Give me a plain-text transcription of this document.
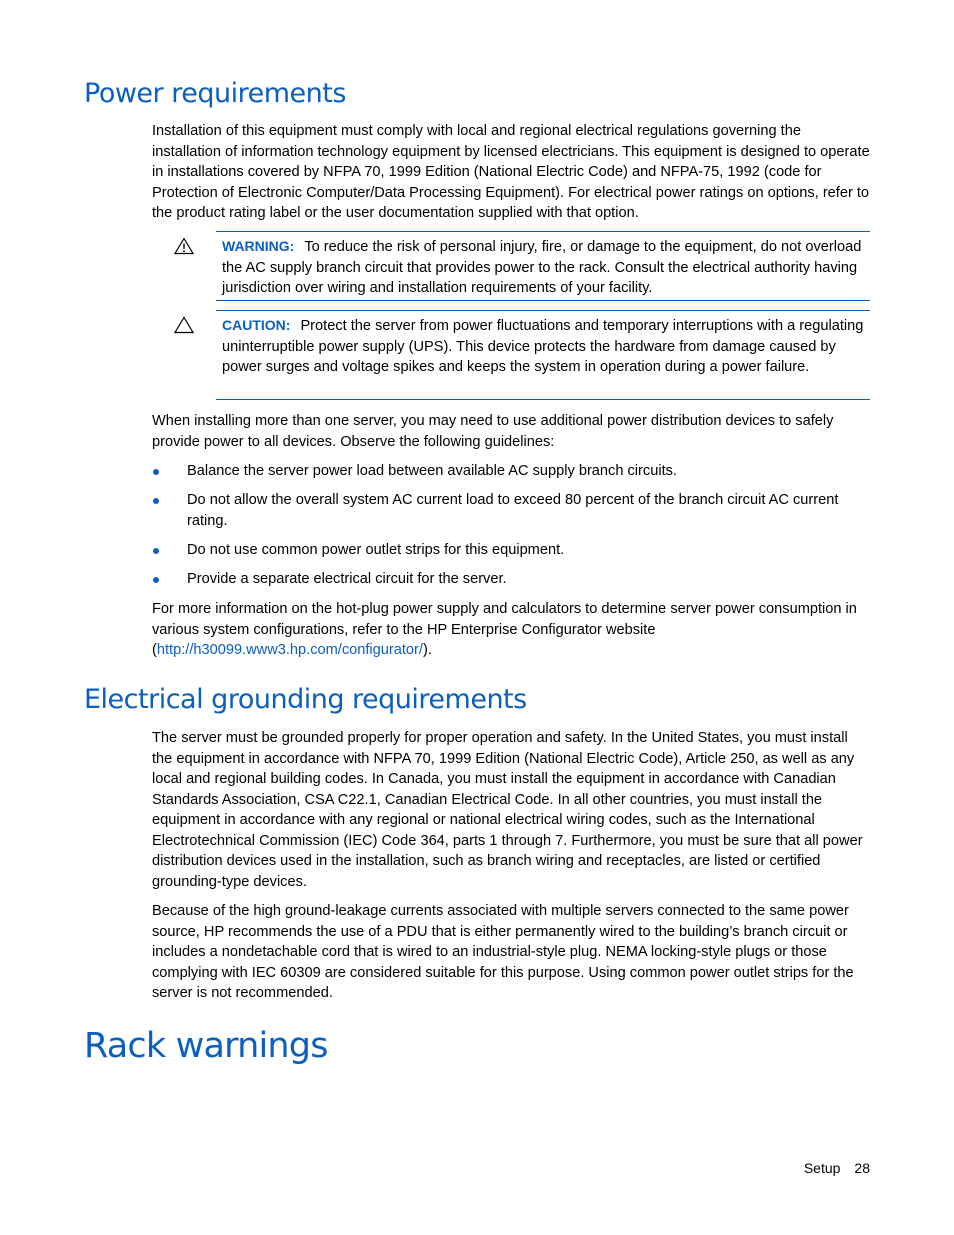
Power requirements

Installation of this equipment must comply with local and regional electrical regulations governing the installation of information technology equipment by licensed electricians. This equipment is designed to operate in installations covered by NFPA 70, 1999 Edition (National Electric Code) and NFPA-75, 1992 (code for Protection of Electronic Computer/Data Processing Equipment). For electrical power ratings on options, refer to the product rating label or the user documentation supplied with that option.

WARNING: To reduce the risk of personal injury, fire, or damage to the equipment, do not overload the AC supply branch circuit that provides power to the rack. Consult the electrical authority having jurisdiction over wiring and installation requirements of your facility.

CAUTION: Protect the server from power fluctuations and temporary interruptions with a regulating uninterruptible power supply (UPS). This device protects the hardware from damage caused by power surges and voltage spikes and keeps the system in operation during a power failure.

When installing more than one server, you may need to use additional power distribution devices to safely provide power to all devices. Observe the following guidelines:

Balance the server power load between available AC supply branch circuits.
Do not allow the overall system AC current load to exceed 80 percent of the branch circuit AC current rating.
Do not use common power outlet strips for this equipment.
Provide a separate electrical circuit for the server.

For more information on the hot-plug power supply and calculators to determine server power consumption in various system configurations, refer to the HP Enterprise Configurator website (http://h30099.www3.hp.com/configurator/).

Electrical grounding requirements

The server must be grounded properly for proper operation and safety. In the United States, you must install the equipment in accordance with NFPA 70, 1999 Edition (National Electric Code), Article 250, as well as any local and regional building codes. In Canada, you must install the equipment in accordance with Canadian Standards Association, CSA C22.1, Canadian Electrical Code. In all other countries, you must install the equipment in accordance with any regional or national electrical wiring codes, such as the International Electrotechnical Commission (IEC) Code 364, parts 1 through 7. Furthermore, you must be sure that all power distribution devices used in the installation, such as branch wiring and receptacles, are listed or certified grounding-type devices.

Because of the high ground-leakage currents associated with multiple servers connected to the same power source, HP recommends the use of a PDU that is either permanently wired to the building’s branch circuit or includes a nondetachable cord that is wired to an industrial-style plug. NEMA locking-style plugs or those complying with IEC 60309 are considered suitable for this purpose. Using common power outlet strips for the server is not recommended.

Rack warnings
Setup 28
